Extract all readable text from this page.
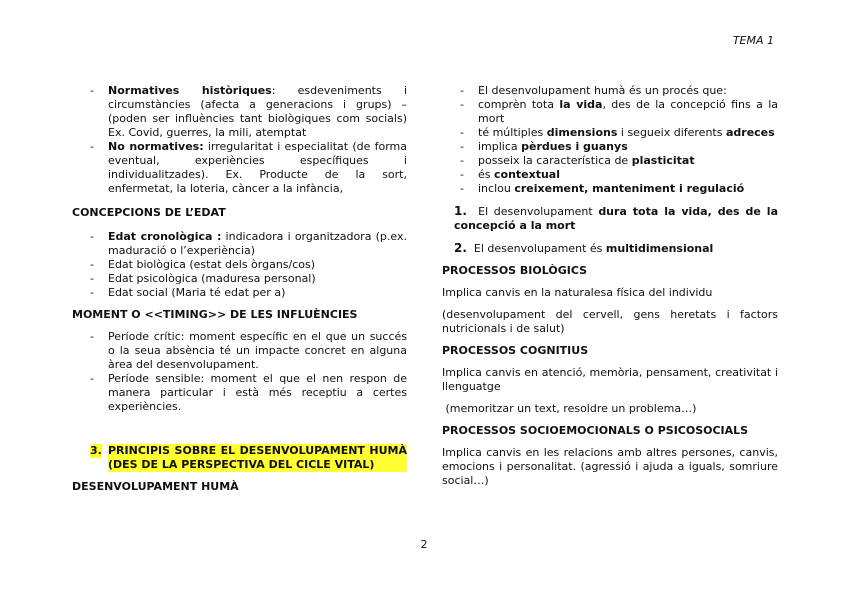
TEMA 1
- Normatives històriques: esdeveniments i circumstàncies (afecta a generacions i grups) –(poden ser influències tant biològiques com socials) Ex. Covid, guerres, la mili, atemptat
- No normatives: irregularitat i especialitat (de forma eventual, experiències específiques i individualitzades). Ex. Producte de la sort, enfermetat, la loteria, càncer a la infància,

CONCEPCIONS DE L’EDAT

- Edat cronològica : indicadora i organitzadora (p.ex. maduració o l’experiència)
- Edat biològica (estat dels òrgans/cos)
- Edat psicològica (maduresa personal)
- Edat social (Maria té edat per a)

MOMENT O <<TIMING>> DE LES INFLUÈNCIES

- Període crític: moment específic en el que un succés o la seua absència té un impacte concret en alguna àrea del desenvolupament.
- Període sensible: moment el que el nen respon de manera particular i està més receptiu a certes experiències.
3. PRINCIPIS SOBRE EL DESENVOLUPAMENT HUMÀ (DES DE LA PERSPECTIVA DEL CICLE VITAL)

DESENVOLUPAMENT HUMÀ

- El desenvolupament humà és un procés que:
- comprèn tota la vida, des de la concepció fins a la mort
- té múltiples dimensions i segueix diferents adreces
- implica pèrdues i guanys
- posseix la característica de plasticitat
- és contextual
- inclou creixement, manteniment i regulació

1. El desenvolupament dura tota la vida, des de la concepció a la mort

2. El desenvolupament és multidimensional

PROCESSOS BIOLÒGICS

Implica canvis en la naturalesa física del individu

(desenvolupament del cervell, gens heretats i factors nutricionals i de salut)

PROCESSOS COGNITIUS

Implica canvis en atenció, memòria, pensament, creativitat i llenguatge

(memoritzar un text, resoldre un problema…)

PROCESSOS SOCIOEMOCIONALS O PSICOSOCIALS

Implica canvis en les relacions amb altres persones, canvis, emocions i personalitat. (agressió i ajuda a iguals, somriure social…)

2
